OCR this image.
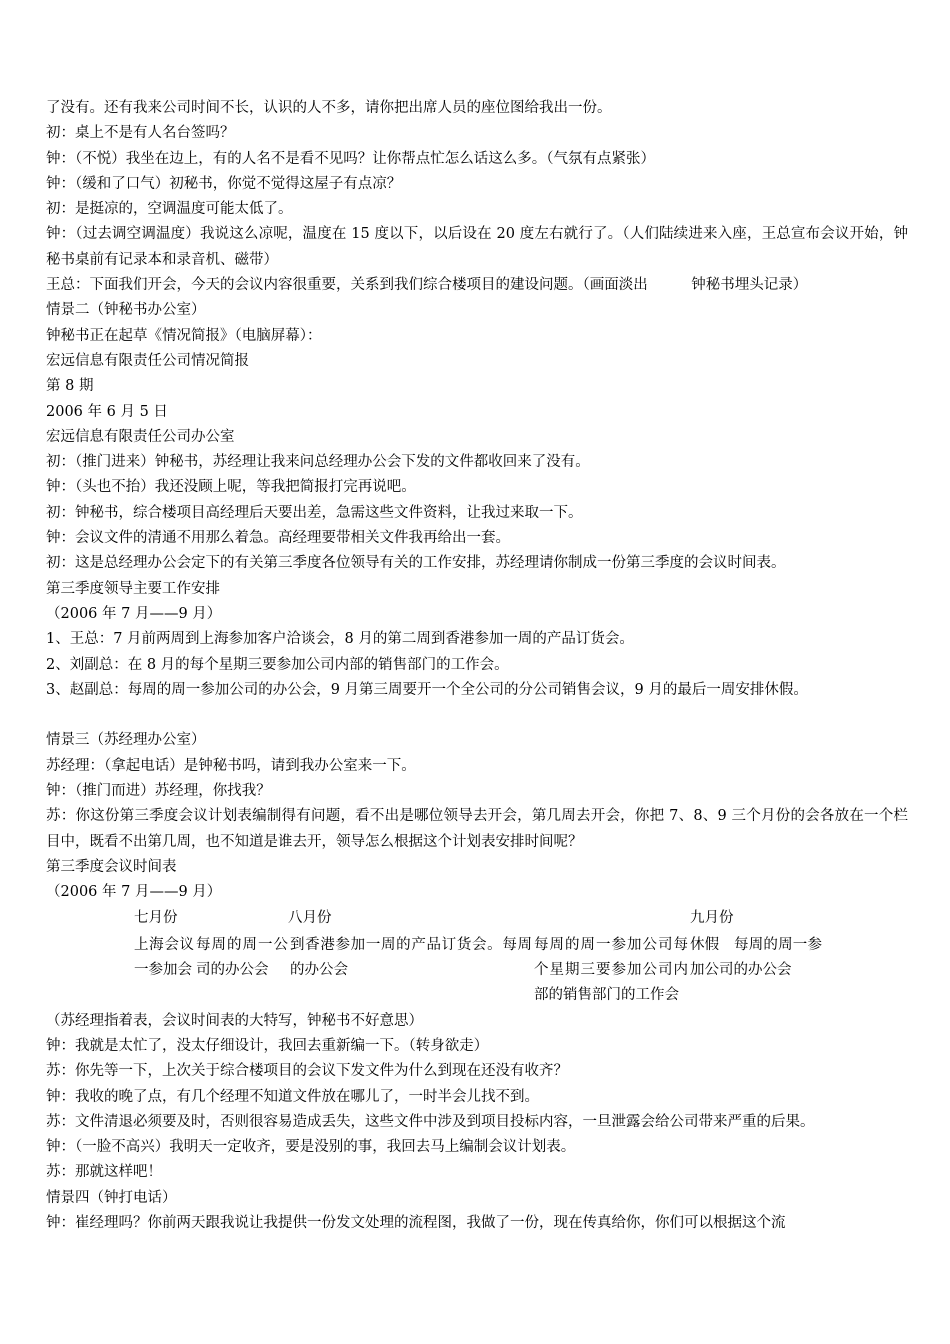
了没有。还有我来公司时间不长，认识的人不多，请你把出席人员的座位图给我出一份。
初：桌上不是有人名台签吗？
钟：（不悦）我坐在边上，有的人名不是看不见吗？让你帮点忙怎么话这么多。（气氛有点紧张）
钟：（缓和了口气）初秘书，你觉不觉得这屋子有点凉？
初：是挺凉的，空调温度可能太低了。
钟：（过去调空调温度）我说这么凉呢，温度在 15 度以下，以后设在 20 度左右就行了。（人们陆续进来入座，王总宣布会议开始，钟秘书桌前有记录本和录音机、磁带）
王总：下面我们开会，今天的会议内容很重要，关系到我们综合楼项目的建设问题。（画面淡出　　　钟秘书埋头记录）
情景二（钟秘书办公室）
钟秘书正在起草《情况简报》（电脑屏幕）：
宏远信息有限责任公司情况简报
第 8 期
2006 年 6 月 5 日
宏远信息有限责任公司办公室
初：（推门进来）钟秘书，苏经理让我来问总经理办公会下发的文件都收回来了没有。
钟：（头也不抬）我还没顾上呢，等我把简报打完再说吧。
初：钟秘书，综合楼项目高经理后天要出差，急需这些文件资料，让我过来取一下。
钟：会议文件的清通不用那么着急。高经理要带相关文件我再给出一套。
初：这是总经理办公会定下的有关第三季度各位领导有关的工作安排，苏经理请你制成一份第三季度的会议时间表。
第三季度领导主要工作安排
（2006 年 7 月——9 月）
1、王总：7 月前两周到上海参加客户洽谈会，8 月的第二周到香港参加一周的产品订货会。
2、刘副总：在 8 月的每个星期三要参加公司内部的销售部门的工作会。
3、赵副总：每周的周一参加公司的办公会，9 月第三周要开一个全公司的分公司销售会议，9 月的最后一周安排休假。
情景三（苏经理办公室）
苏经理：（拿起电话）是钟秘书吗，请到我办公室来一下。
钟：（推门而进）苏经理，你找我？
苏：你这份第三季度会议计划表编制得有问题，看不出是哪位领导去开会，第几周去开会，你把 7、8、9 三个月份的会各放在一个栏目中，既看不出第几周，也不知道是谁去开，领导怎么根据这个计划表安排时间呢？
第三季度会议时间表
（2006 年 7 月——9 月）
七月份	八月份	九月份
上海会议一参加会
每周的周一公司的办公会
到香港参加一周的产品订货会。每周的办公会
每周的周一参加公司每个星期三要参加公司内部的销售部门的工作会
休假　每周的周一参加公司的办公会
（苏经理指着表，会议时间表的大特写，钟秘书不好意思）
钟：我就是太忙了，没太仔细设计，我回去重新编一下。（转身欲走）
苏：你先等一下，上次关于综合楼项目的会议下发文件为什么到现在还没有收齐？
钟：我收的晚了点，有几个经理不知道文件放在哪儿了，一时半会儿找不到。
苏：文件清退必须要及时，否则很容易造成丢失，这些文件中涉及到项目投标内容，一旦泄露会给公司带来严重的后果。
钟：（一脸不高兴）我明天一定收齐，要是没别的事，我回去马上编制会议计划表。
苏：那就这样吧！
情景四（钟打电话）
钟：崔经理吗？你前两天跟我说让我提供一份发文处理的流程图，我做了一份，现在传真给你，你们可以根据这个流
